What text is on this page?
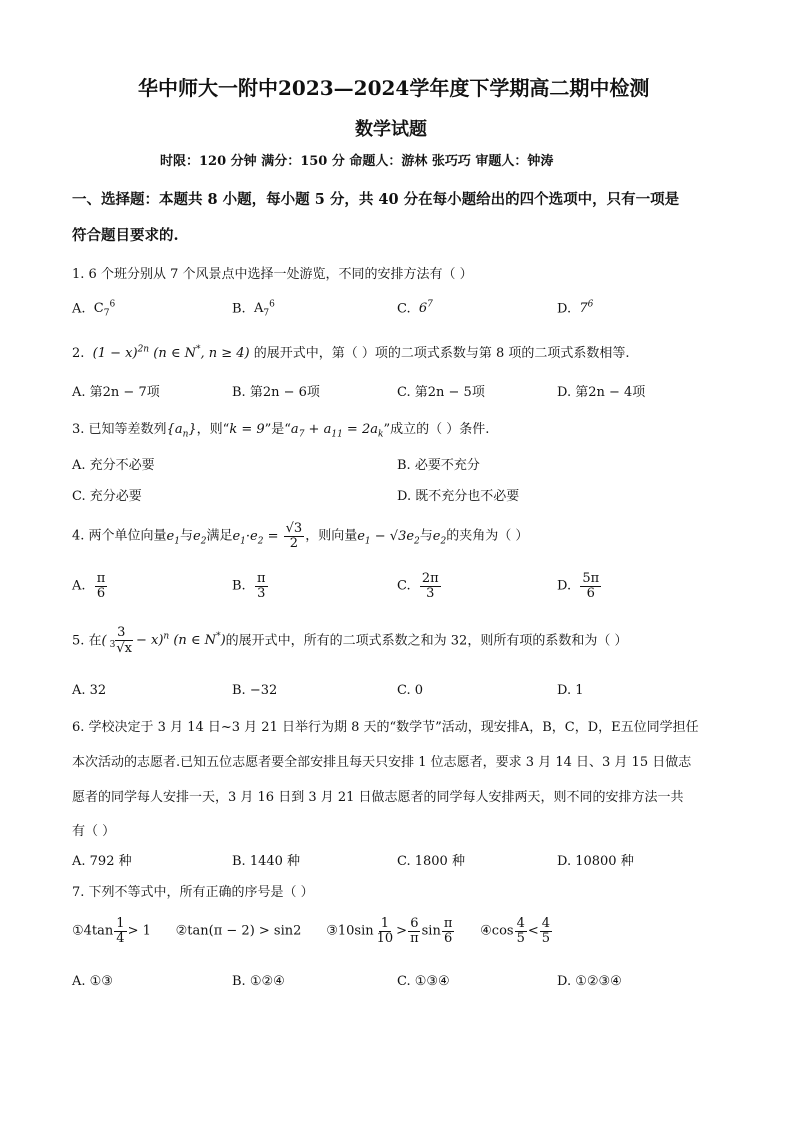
华中师大一附中2023—2024学年度下学期高二期中检测
数学试题
时限：120 分钟 满分：150 分 命题人：游林 张巧巧 审题人：钟涛
一、选择题：本题共 8 小题，每小题 5 分，共 40 分在每小题给出的四个选项中，只有一项是
符合题目要求的.
1. 6 个班分别从 7 个风景点中选择一处游览，不同的安排方法有（ ）
A. $C_7^6$	B. $A_7^6$	C. $6^7$	D. $7^6$
2. $(1 - x)^{2n}$ (n ∈ N*, n ≥ 4) 的展开式中，第（ ）项的二项式系数与第 8 项的二项式系数相等.
A. 第2n − 7项	B. 第2n − 6项	C. 第2n − 5项	D. 第2n − 4项
3. 已知等差数列$\{a_n\}$，则“k = 9”是“$a_7 + a_{11} = 2a_k$”成立的（ ）条件.
A. 充分不必要	B. 必要不充分
C. 充分必要	D. 既不充分也不必要
4. 两个单位向量$e_1$与$e_2$满足$e_1\cdot e_2 = \frac{√3}{2}$ ，则向量$e_1 - √3e_2$与$e_2$的夹角为（ ）
A. $\frac{\pi}{6}$	B. $\frac{\pi}{3}$	C. $\frac{2\pi}{3}$	D. $\frac{5\pi}{6}$
5. 在( $\frac{3}{^3√x} - x)^n$ (n ∈ N*)的展开式中，所有的二项式系数之和为 32，则所有项的系数和为（ ）
A. 32	B. −32	C. 0	D. 1
6. 学校决定于 3 月 14 日~3 月 21 日举行为期 8 天的“数学节”活动，现安排A，B，C，D，E五位同学担任
本次活动的志愿者.已知五位志愿者要全部安排且每天只安排 1 位志愿者，要求 3 月 14 日、3 月 15 日做志
愿者的同学每人安排一天，3 月 16 日到 3 月 21 日做志愿者的同学每人安排两天，则不同的安排方法一共
有（ ）
A. 792 种	B. 1440 种	C. 1800 种	D. 10800 种
7. 下列不等式中，所有正确的序号是（ ）
①4tan $\frac{1}{4} > 1$ ②tan(π − 2) > sin2 ③10sin $\frac{1}{10} > \frac{6}{\pi}$ $\sin \frac{\pi}{6}$ ④cos $\frac{4}{5} < \frac{4}{5}$
A. ①③	B. ①②④	C. ①③④	D. ①②③④
